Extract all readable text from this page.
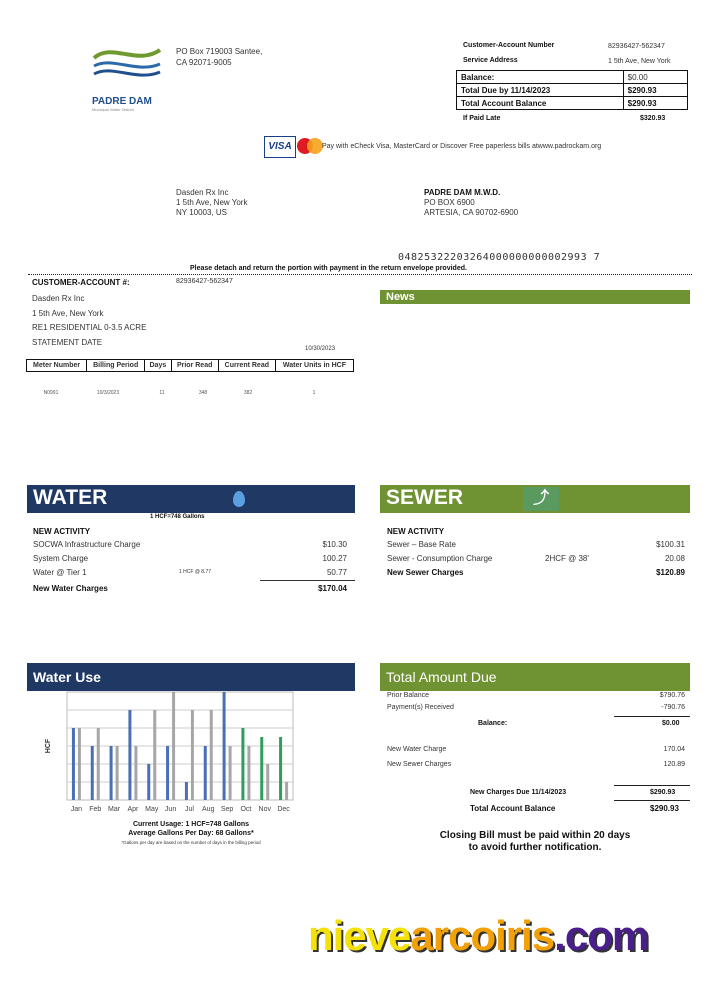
PADRE DAM
Municipal Water District
PO Box 719003 Santee,
CA 92071-9005
Customer-Account Number	82936427-562347
Service Address	1 5th Ave, New York
Balance:	$0.00
Total Due by 11/14/2023	$290.93
Total Account Balance	$290.93
If Paid Late	$320.93
VISA	Pay with eCheck Visa, MasterCard or Discover Free paperless bills atwww.padrockam.org
Dasden Rx Inc
1 5th Ave, New York
NY 10003, US
PADRE DAM M.W.D.
PO BOX 6900
ARTESIA, CA 90702-6900
04825322203264000000000002993 7
Please detach and return the portion with payment in the return envelope provided.
CUSTOMER-ACCOUNT #:	82936427-562347
Dasden Rx Inc
1 5th Ave, New York
RE1 RESIDENTIAL 0-3.5 ACRE
STATEMENT DATE
10/30/2023
Meter Number	Billing Period	Days	Prior Read	Current Read	Water Units in HCF
N0991	10/3/2023	11	348	382	1
News
WATER
1 HCF=748 Gallons
NEW ACTIVITY
SOCWA Infrastructure Charge	$10.30
System Charge	100.27
Water @ Tier 1	1 HCF @ 8.77	50.77
New Water Charges	$170.04
SEWER	⤴
NEW ACTIVITY
Sewer – Base Rate	$100.31
Sewer - Consumption Charge	2HCF @ 38'	20.08
New Sewer Charges	$120.89
Water Use
HCF
Jan Feb Mar Apr May Jun Jul Aug Sep Oct Nov Dec
Current Usage: 1 HCF=748 Gallons
Average Gallons Per Day: 68 Gallons*
*Gallons per day are based on the number of days in the billing period
Total Amount Due
Prior Balance	$790.76
Payment(s) Received	-790.76
Balance:	$0.00
New Water Charge	170.04
New Sewer Charges	120.89
New Charges Due 11/14/2023	$290.93
Total Account Balance	$290.93
Closing Bill must be paid within 20 days
to avoid further notification.
nievearcoiris.com
